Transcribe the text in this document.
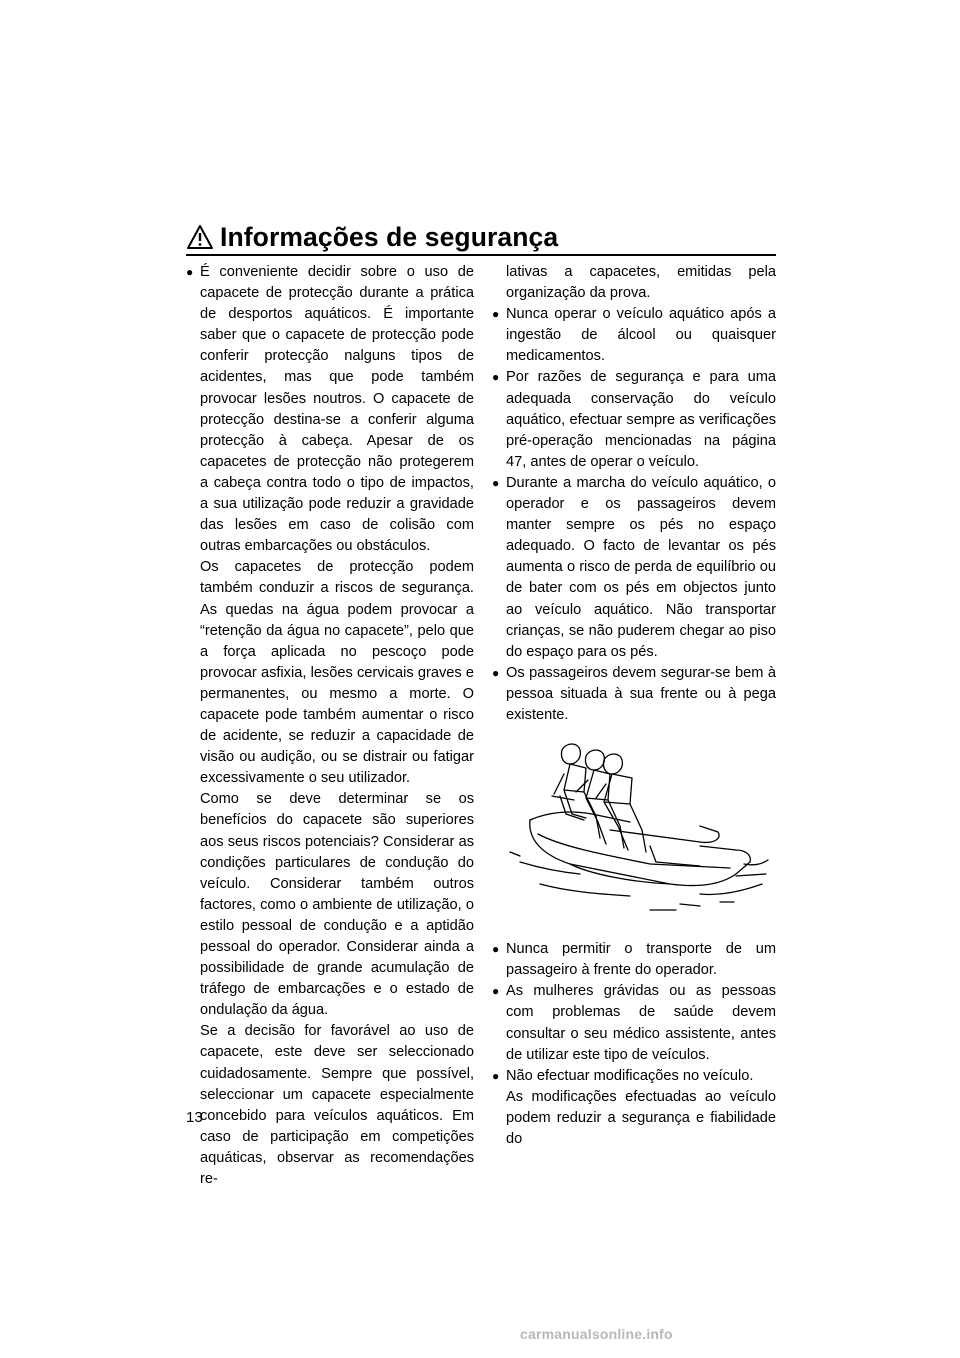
Informações de segurança

● É conveniente decidir sobre o uso de capacete de protecção durante a prática de desportos aquáticos. É importante saber que o capacete de protecção pode conferir protecção nalguns tipos de acidentes, mas que pode também provocar lesões noutros. O capacete de protecção destina-se a conferir alguma protecção à cabeça. Apesar de os capacetes de protecção não protegerem a cabeça contra todo o tipo de impactos, a sua utilização pode reduzir a gravidade das lesões em caso de colisão com outras embarcações ou obstáculos.

Os capacetes de protecção podem também conduzir a riscos de segurança. As quedas na água podem provocar a “retenção da água no capacete”, pelo que a força aplicada no pescoço pode provocar asfixia, lesões cervicais graves e permanentes, ou mesmo a morte. O capacete pode também aumentar o risco de acidente, se reduzir a capacidade de visão ou audição, ou se distrair ou fatigar excessivamente o seu utilizador.

Como se deve determinar se os benefícios do capacete são superiores aos seus riscos potenciais? Considerar as condições particulares de condução do veículo. Considerar também outros factores, como o ambiente de utilização, o estilo pessoal de condução e a aptidão pessoal do operador. Considerar ainda a possibilidade de grande acumulação de tráfego de embarcações e o estado de ondulação da água.

Se a decisão for favorável ao uso de capacete, este deve ser seleccionado cuidadosamente. Sempre que possível, seleccionar um capacete especialmente concebido para veículos aquáticos. Em caso de participação em competições aquáticas, observar as recomendações re-

lativas a capacetes, emitidas pela organização da prova.

● Nunca operar o veículo aquático após a ingestão de álcool ou quaisquer medicamentos.

● Por razões de segurança e para uma adequada conservação do veículo aquático, efectuar sempre as verificações pré-operação mencionadas na página 47, antes de operar o veículo.

● Durante a marcha do veículo aquático, o operador e os passageiros devem manter sempre os pés no espaço adequado. O facto de levantar os pés aumenta o risco de perda de equilíbrio ou de bater com os pés em objectos junto ao veículo aquático. Não transportar crianças, se não puderem chegar ao piso do espaço para os pés.

● Os passageiros devem segurar-se bem à pessoa situada à sua frente ou à pega existente.

● Nunca permitir o transporte de um passageiro à frente do operador.

● As mulheres grávidas ou as pessoas com problemas de saúde devem consultar o seu médico assistente, antes de utilizar este tipo de veículos.

● Não efectuar modificações no veículo.

As modificações efectuadas ao veículo podem reduzir a segurança e fiabilidade do

13
carmanualsonline.info
